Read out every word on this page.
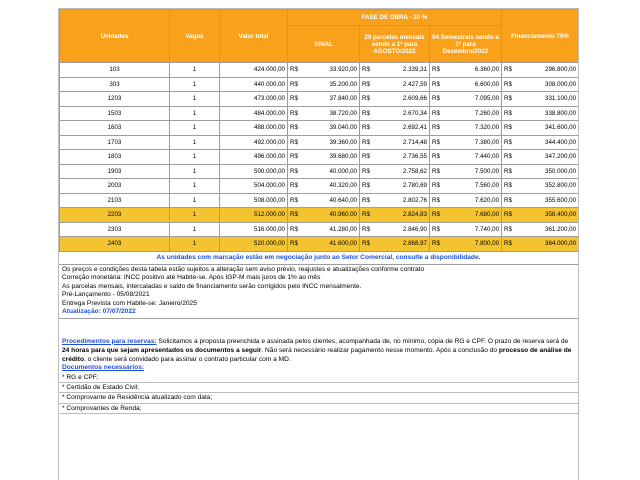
Unidades	Vagas	Valor total	FASE DE OBRA - 30 %						Financiamento 70%	
			SINAL		29 parcelas mensais sendo a 1ª para AGOSTO/2022		04 Semestrais sendo a 1ª para Dezembro/2022			
103	1	424.000,00	R$	33.920,00	R$	2.339,31	R$	6.360,00	R$	296.800,00
303	1	440.000,00	R$	35.200,00	R$	2.427,59	R$	6.600,00	R$	308.000,00
1203	1	473.000,00	R$	37.840,00	R$	2.609,66	R$	7.095,00	R$	331.100,00
1503	1	484.000,00	R$	38.720,00	R$	2.670,34	R$	7.260,00	R$	338.800,00
1603	1	488.000,00	R$	39.040,00	R$	2.692,41	R$	7.320,00	R$	341.600,00
1703	1	492.000,00	R$	39.360,00	R$	2.714,48	R$	7.380,00	R$	344.400,00
1803	1	496.000,00	R$	39.680,00	R$	2.736,55	R$	7.440,00	R$	347.200,00
1903	1	500.000,00	R$	40.000,00	R$	2.758,62	R$	7.500,00	R$	350.000,00
2003	1	504.000,00	R$	40.320,00	R$	2.780,69	R$	7.560,00	R$	352.800,00
2103	1	508.000,00	R$	40.640,00	R$	2.802,76	R$	7.620,00	R$	355.600,00
2203	1	512.000,00	R$	40.960,00	R$	2.824,83	R$	7.680,00	R$	358.400,00
2303	1	516.000,00	R$	41.280,00	R$	2.846,90	R$	7.740,00	R$	361.200,00
2403	1	520.000,00	R$	41.600,00	R$	2.868,97	R$	7.800,00	R$	364.000,00
As unidades com marcação estão em negociação junto ao Setor Comercial, consulte a disponibilidade.
Os preços e condições desta tabela estão sujeitos a alteração sem aviso prévio, reajustes e atualizações conforme contrato
Correção monetária: INCC positivo até Habite-se. Após IGP-M mais juros de 1% ao mês
As parcelas mensais, intercaladas e saldo de financiamento serão corrigidos pelo INCC mensalmente.
Pré-Lançamento - 05/08/2021
Entrega Prevista com Habite-se: Janeiro/2025
Atualização: 07/07/2022
Procedimentos para reservas: Solicitamos a proposta preenchida e assinada pelos clientes, acompanhada de, no mínimo, cópia de RG e CPF. O prazo de reserva será de 24 horas para que sejam apresentados os documentos a seguir. Não será necessário realizar pagamento nesse momento. Após a conclusão do processo de análise de crédito, o cliente será convidado para assinar o contrato particular com a MD.
Documentos necessários:
* RG e CPF;
* Certidão de Estado Civil;
* Comprovante de Residência atualizado com data;
* Comprovantes de Renda;
